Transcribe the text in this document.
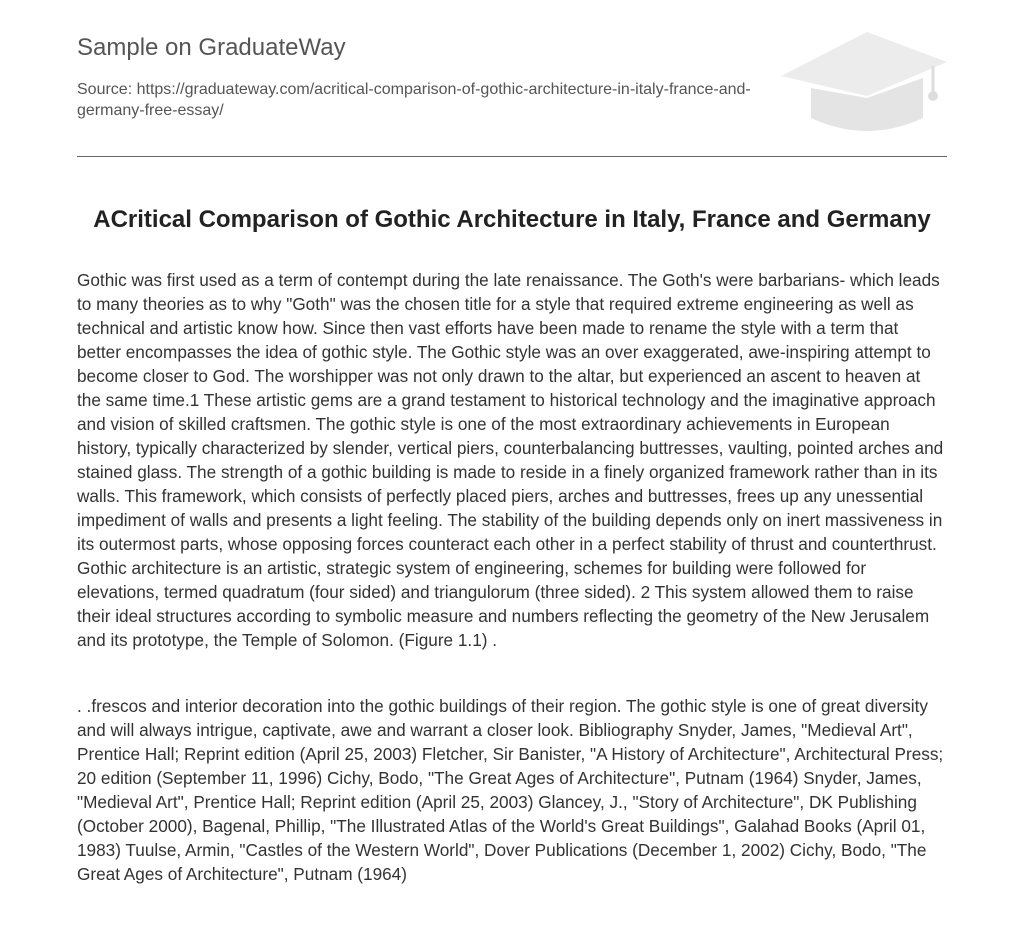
Sample on GraduateWay
Source: https://graduateway.com/acritical-comparison-of-gothic-architecture-in-italy-france-and-germany-free-essay/
ACritical Comparison of Gothic Architecture in Italy, France and Germany

Gothic was first used as a term of contempt during the late renaissance. The Goth's were barbarians- which leads to many theories as to why "Goth" was the chosen title for a style that required extreme engineering as well as technical and artistic know how. Since then vast efforts have been made to rename the style with a term that better encompasses the idea of gothic style. The Gothic style was an over exaggerated, awe-inspiring attempt to become closer to God. The worshipper was not only drawn to the altar, but experienced an ascent to heaven at the same time.1 These artistic gems are a grand testament to historical technology and the imaginative approach and vision of skilled craftsmen. The gothic style is one of the most extraordinary achievements in European history, typically characterized by slender, vertical piers, counterbalancing buttresses, vaulting, pointed arches and stained glass. The strength of a gothic building is made to reside in a finely organized framework rather than in its walls. This framework, which consists of perfectly placed piers, arches and buttresses, frees up any unessential impediment of walls and presents a light feeling. The stability of the building depends only on inert massiveness in its outermost parts, whose opposing forces counteract each other in a perfect stability of thrust and counterthrust. Gothic architecture is an artistic, strategic system of engineering, schemes for building were followed for elevations, termed quadratum (four sided) and triangulorum (three sided). 2 This system allowed them to raise their ideal structures according to symbolic measure and numbers reflecting the geometry of the New Jerusalem and its prototype, the Temple of Solomon. (Figure 1.1) .

. .frescos and interior decoration into the gothic buildings of their region. The gothic style is one of great diversity and will always intrigue, captivate, awe and warrant a closer look. Bibliography Snyder, James, "Medieval Art", Prentice Hall; Reprint edition (April 25, 2003) Fletcher, Sir Banister, "A History of Architecture", Architectural Press; 20 edition (September 11, 1996) Cichy, Bodo, "The Great Ages of Architecture", Putnam (1964) Snyder, James, "Medieval Art", Prentice Hall; Reprint edition (April 25, 2003) Glancey, J., "Story of Architecture", DK Publishing (October 2000), Bagenal, Phillip, "The Illustrated Atlas of the World's Great Buildings", Galahad Books (April 01, 1983) Tuulse, Armin, "Castles of the Western World", Dover Publications (December 1, 2002) Cichy, Bodo, "The Great Ages of Architecture", Putnam (1964)
